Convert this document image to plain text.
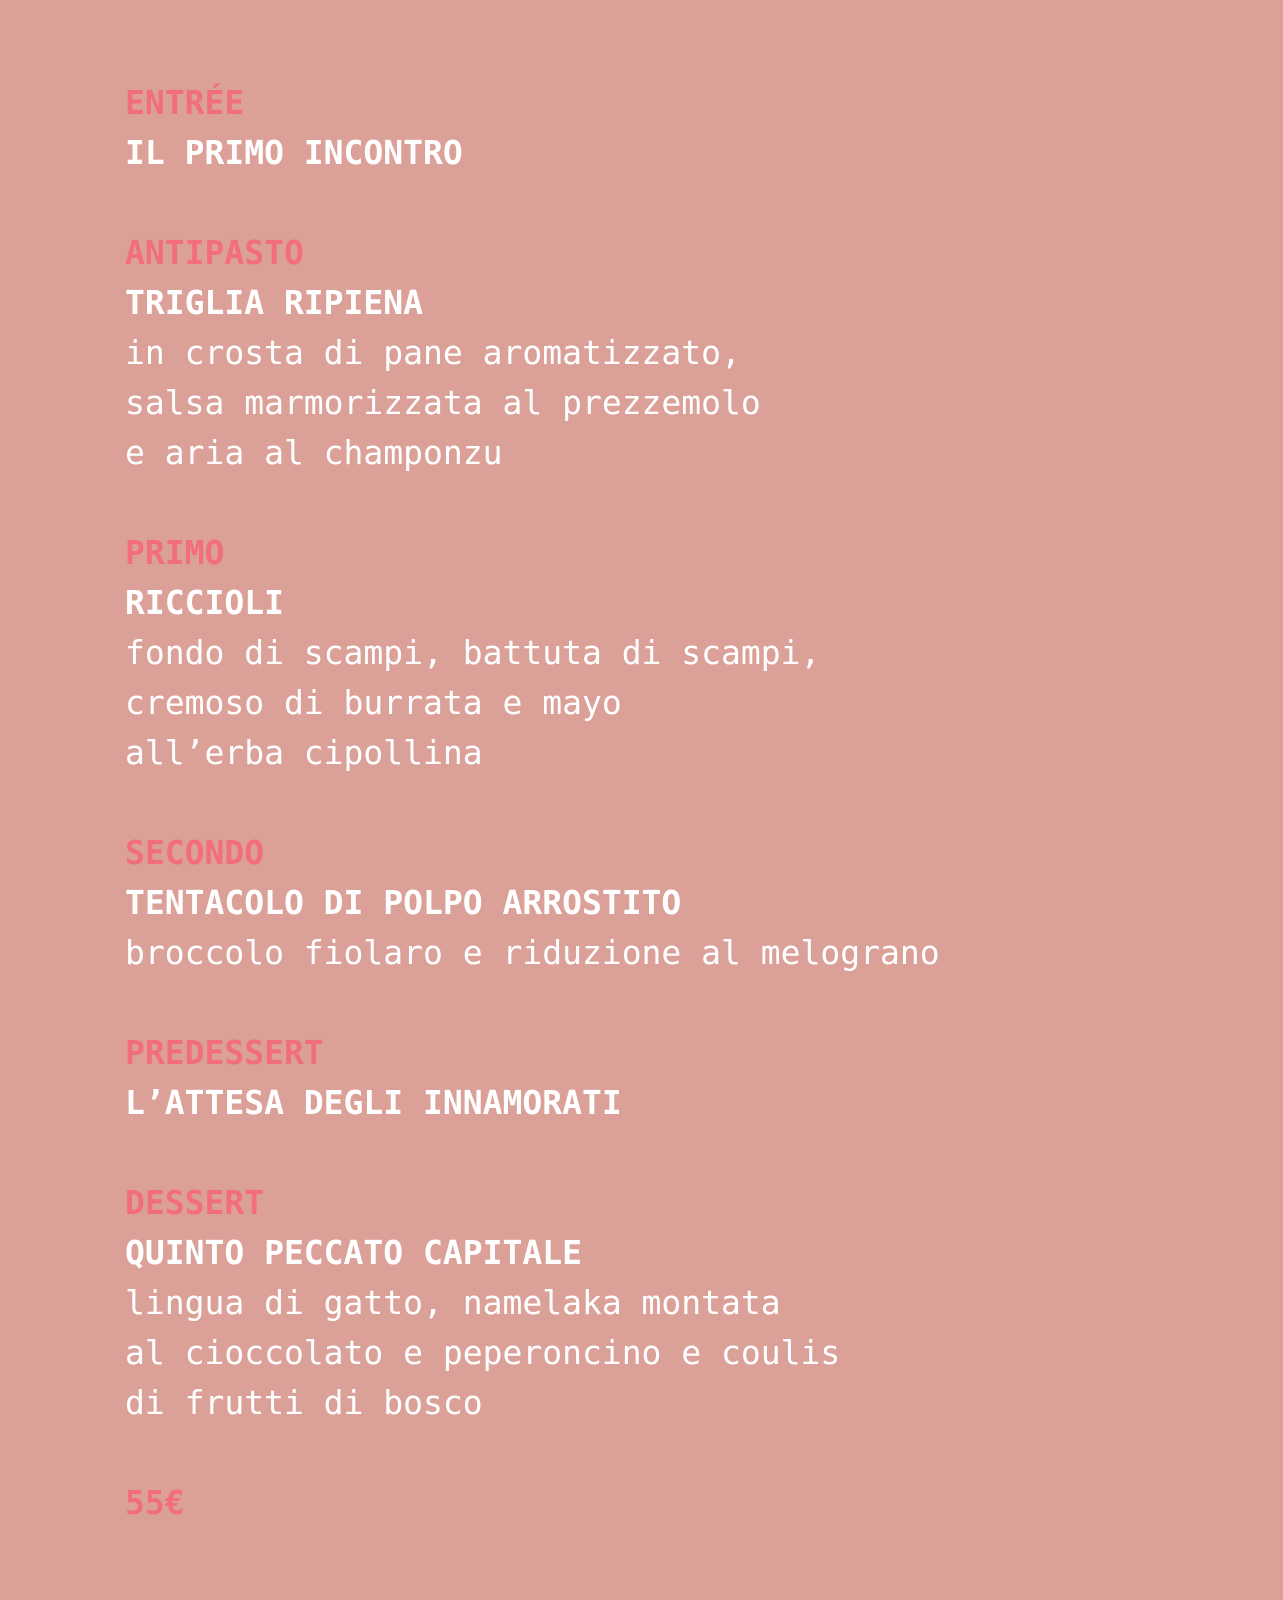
ENTRÉE
IL PRIMO INCONTRO
ANTIPASTO
TRIGLIA RIPIENA
in crosta di pane aromatizzato,
salsa marmorizzata al prezzemolo
e aria al champonzu
PRIMO
RICCIOLI
fondo di scampi, battuta di scampi,
cremoso di burrata e mayo
all’erba cipollina
SECONDO
TENTACOLO DI POLPO ARROSTITO
broccolo fiolaro e riduzione al melograno
PREDESSERT
L’ATTESA DEGLI INNAMORATI
DESSERT
QUINTO PECCATO CAPITALE
lingua di gatto, namelaka montata
al cioccolato e peperoncino e coulis
di frutti di bosco
55€
